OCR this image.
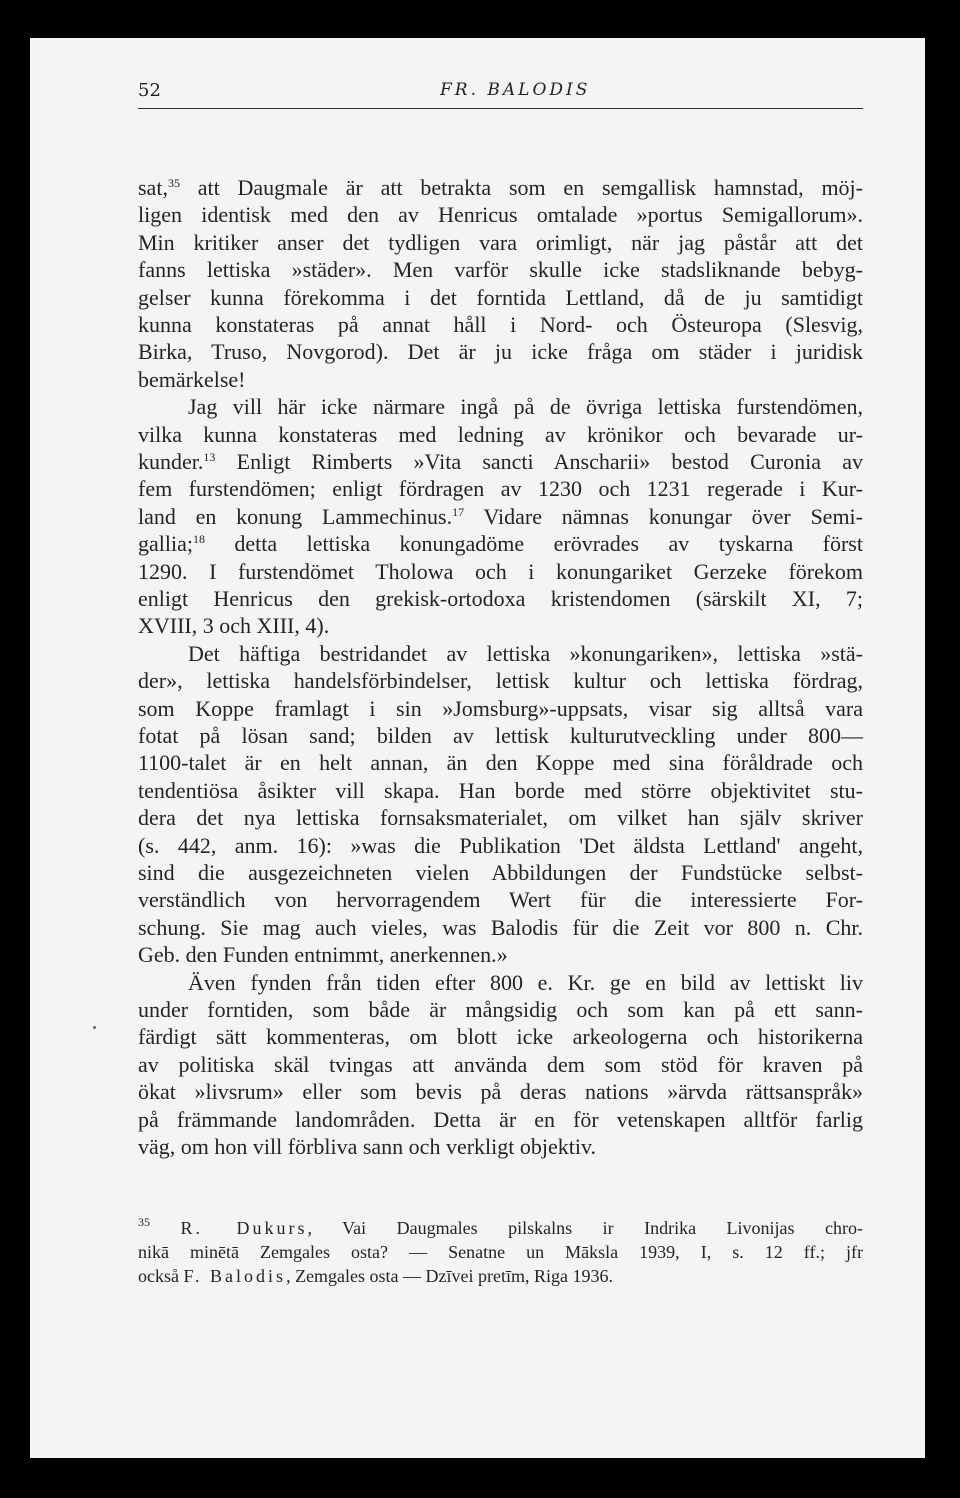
52	FR. BALODIS

sat,$^{35}$ att Daugmale är att betrakta som en semgallisk hamnstad, möj-

ligen identisk med den av Henricus omtalade »portus Semigallorum».

Min kritiker anser det tydligen vara orimligt, när jag påstår att det

fanns lettiska »städer». Men varför skulle icke stadsliknande bebyg-

gelser kunna förekomma i det forntida Lettland, då de ju samtidigt

kunna konstateras på annat håll i Nord- och Östeuropa (Slesvig,

Birka, Truso, Novgorod). Det är ju icke fråga om städer i juridisk

bemärkelse!

Jag vill här icke närmare ingå på de övriga lettiska furstendömen,

vilka kunna konstateras med ledning av krönikor och bevarade ur-

kunder.$^{13}$ Enligt Rimberts »Vita sancti Anscharii» bestod Curonia av

fem furstendömen; enligt fördragen av 1230 och 1231 regerade i Kur-

land en konung Lammechinus.$^{17}$ Vidare nämnas konungar över Semi-

gallia;$^{18}$ detta lettiska konungadöme erövrades av tyskarna först

1290. I furstendömet Tholowa och i konungariket Gerzeke förekom

enligt Henricus den grekisk-ortodoxa kristendomen (särskilt XI, 7;

XVIII, 3 och XIII, 4).

Det häftiga bestridandet av lettiska »konungariken», lettiska »stä-

der», lettiska handelsförbindelser, lettisk kultur och lettiska fördrag,

som Koppe framlagt i sin »Jomsburg»-uppsats, visar sig alltså vara

fotat på lösan sand; bilden av lettisk kulturutveckling under 800—

1100-talet är en helt annan, än den Koppe med sina föråldrade och

tendentiösa åsikter vill skapa. Han borde med större objektivitet stu-

dera det nya lettiska fornsaksmaterialet, om vilket han själv skriver

(s. 442, anm. 16): »was die Publikation 'Det äldsta Lettland' angeht,

sind die ausgezeichneten vielen Abbildungen der Fundstücke selbst-

verständlich von hervorragendem Wert für die interessierte For-

schung. Sie mag auch vieles, was Balodis für die Zeit vor 800 n. Chr.

Geb. den Funden entnimmt, anerkennen.»

Även fynden från tiden efter 800 e. Kr. ge en bild av lettiskt liv

under forntiden, som både är mångsidig och som kan på ett sann-

färdigt sätt kommenteras, om blott icke arkeologerna och historikerna

av politiska skäl tvingas att använda dem som stöd för kraven på

ökat »livsrum» eller som bevis på deras nations »ärvda rättsanspråk»

på främmande landområden. Detta är en för vetenskapen alltför farlig

väg, om hon vill förbliva sann och verkligt objektiv.

$^{35}$ R. Dukurs, Vai Daugmales pilskalns ir Indrika Livonijas chro-

nikā minētā Zemgales osta? — Senatne un Māksla 1939, I, s. 12 ff.; jfr

också F. Balodis, Zemgales osta — Dzīvei pretīm, Riga 1936.
